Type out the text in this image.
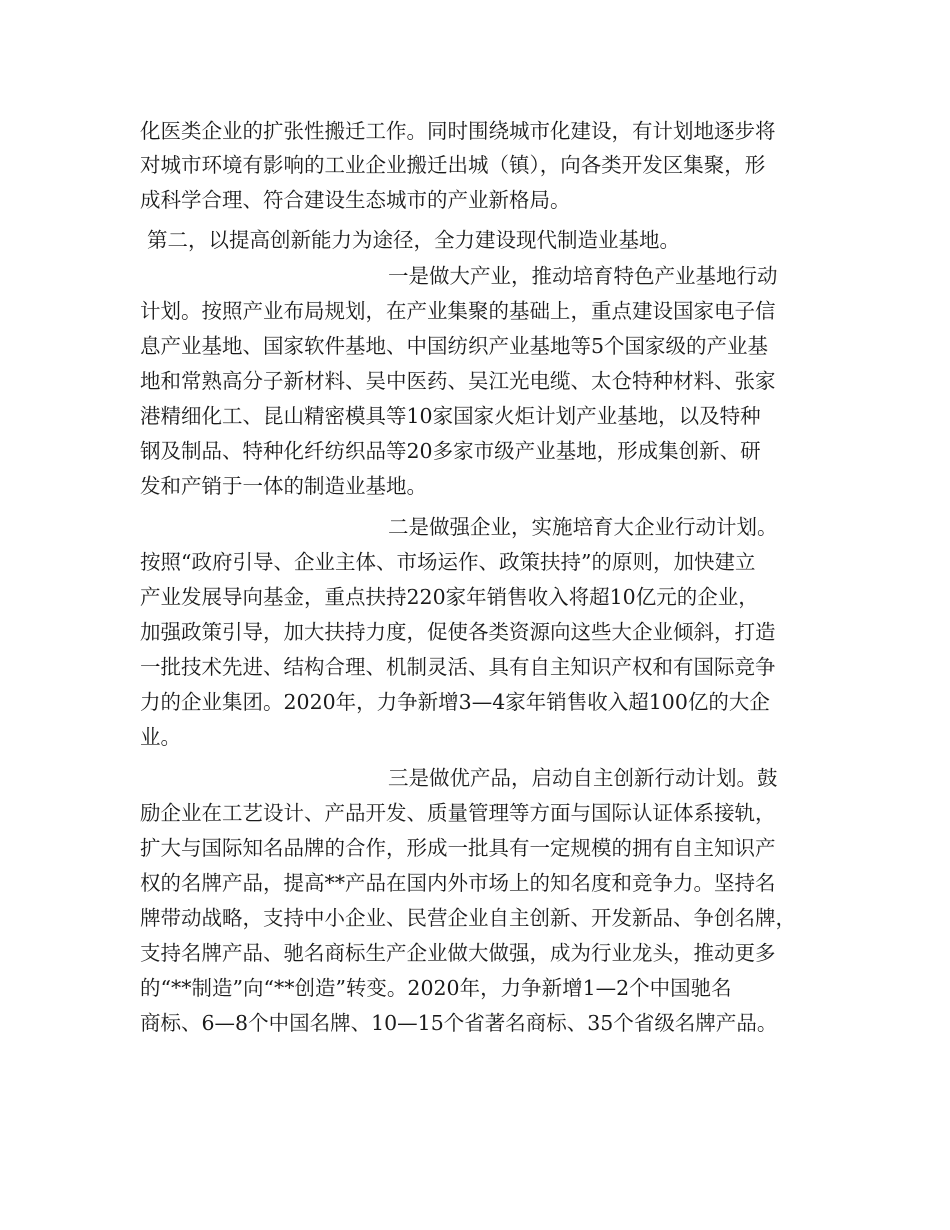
化医类企业的扩张性搬迁工作。同时围绕城市化建设，有计划地逐步将

对城市环境有影响的工业企业搬迁出城（镇），向各类开发区集聚，形

成科学合理、符合建设生态城市的产业新格局。

第二，以提高创新能力为途径，全力建设现代制造业基地。

一是做大产业，推动培育特色产业基地行动

计划。按照产业布局规划，在产业集聚的基础上，重点建设国家电子信

息产业基地、国家软件基地、中国纺织产业基地等5个国家级的产业基

地和常熟高分子新材料、吴中医药、吴江光电缆、太仓特种材料、张家

港精细化工、昆山精密模具等10家国家火炬计划产业基地，以及特种

钢及制品、特种化纤纺织品等20多家市级产业基地，形成集创新、研

发和产销于一体的制造业基地。

二是做强企业，实施培育大企业行动计划。

按照“政府引导、企业主体、市场运作、政策扶持”的原则，加快建立

产业发展导向基金，重点扶持220家年销售收入将超10亿元的企业，

加强政策引导，加大扶持力度，促使各类资源向这些大企业倾斜，打造

一批技术先进、结构合理、机制灵活、具有自主知识产权和有国际竞争

力的企业集团。2020年，力争新增3—4家年销售收入超100亿的大企

业。

三是做优产品，启动自主创新行动计划。鼓

励企业在工艺设计、产品开发、质量管理等方面与国际认证体系接轨，

扩大与国际知名品牌的合作，形成一批具有一定规模的拥有自主知识产

权的名牌产品，提高**产品在国内外市场上的知名度和竞争力。坚持名

牌带动战略，支持中小企业、民营企业自主创新、开发新品、争创名牌，

支持名牌产品、驰名商标生产企业做大做强，成为行业龙头，推动更多

的“**制造”向“**创造”转变。2020年，力争新增1—2个中国驰名

商标、6—8个中国名牌、10—15个省著名商标、35个省级名牌产品。
